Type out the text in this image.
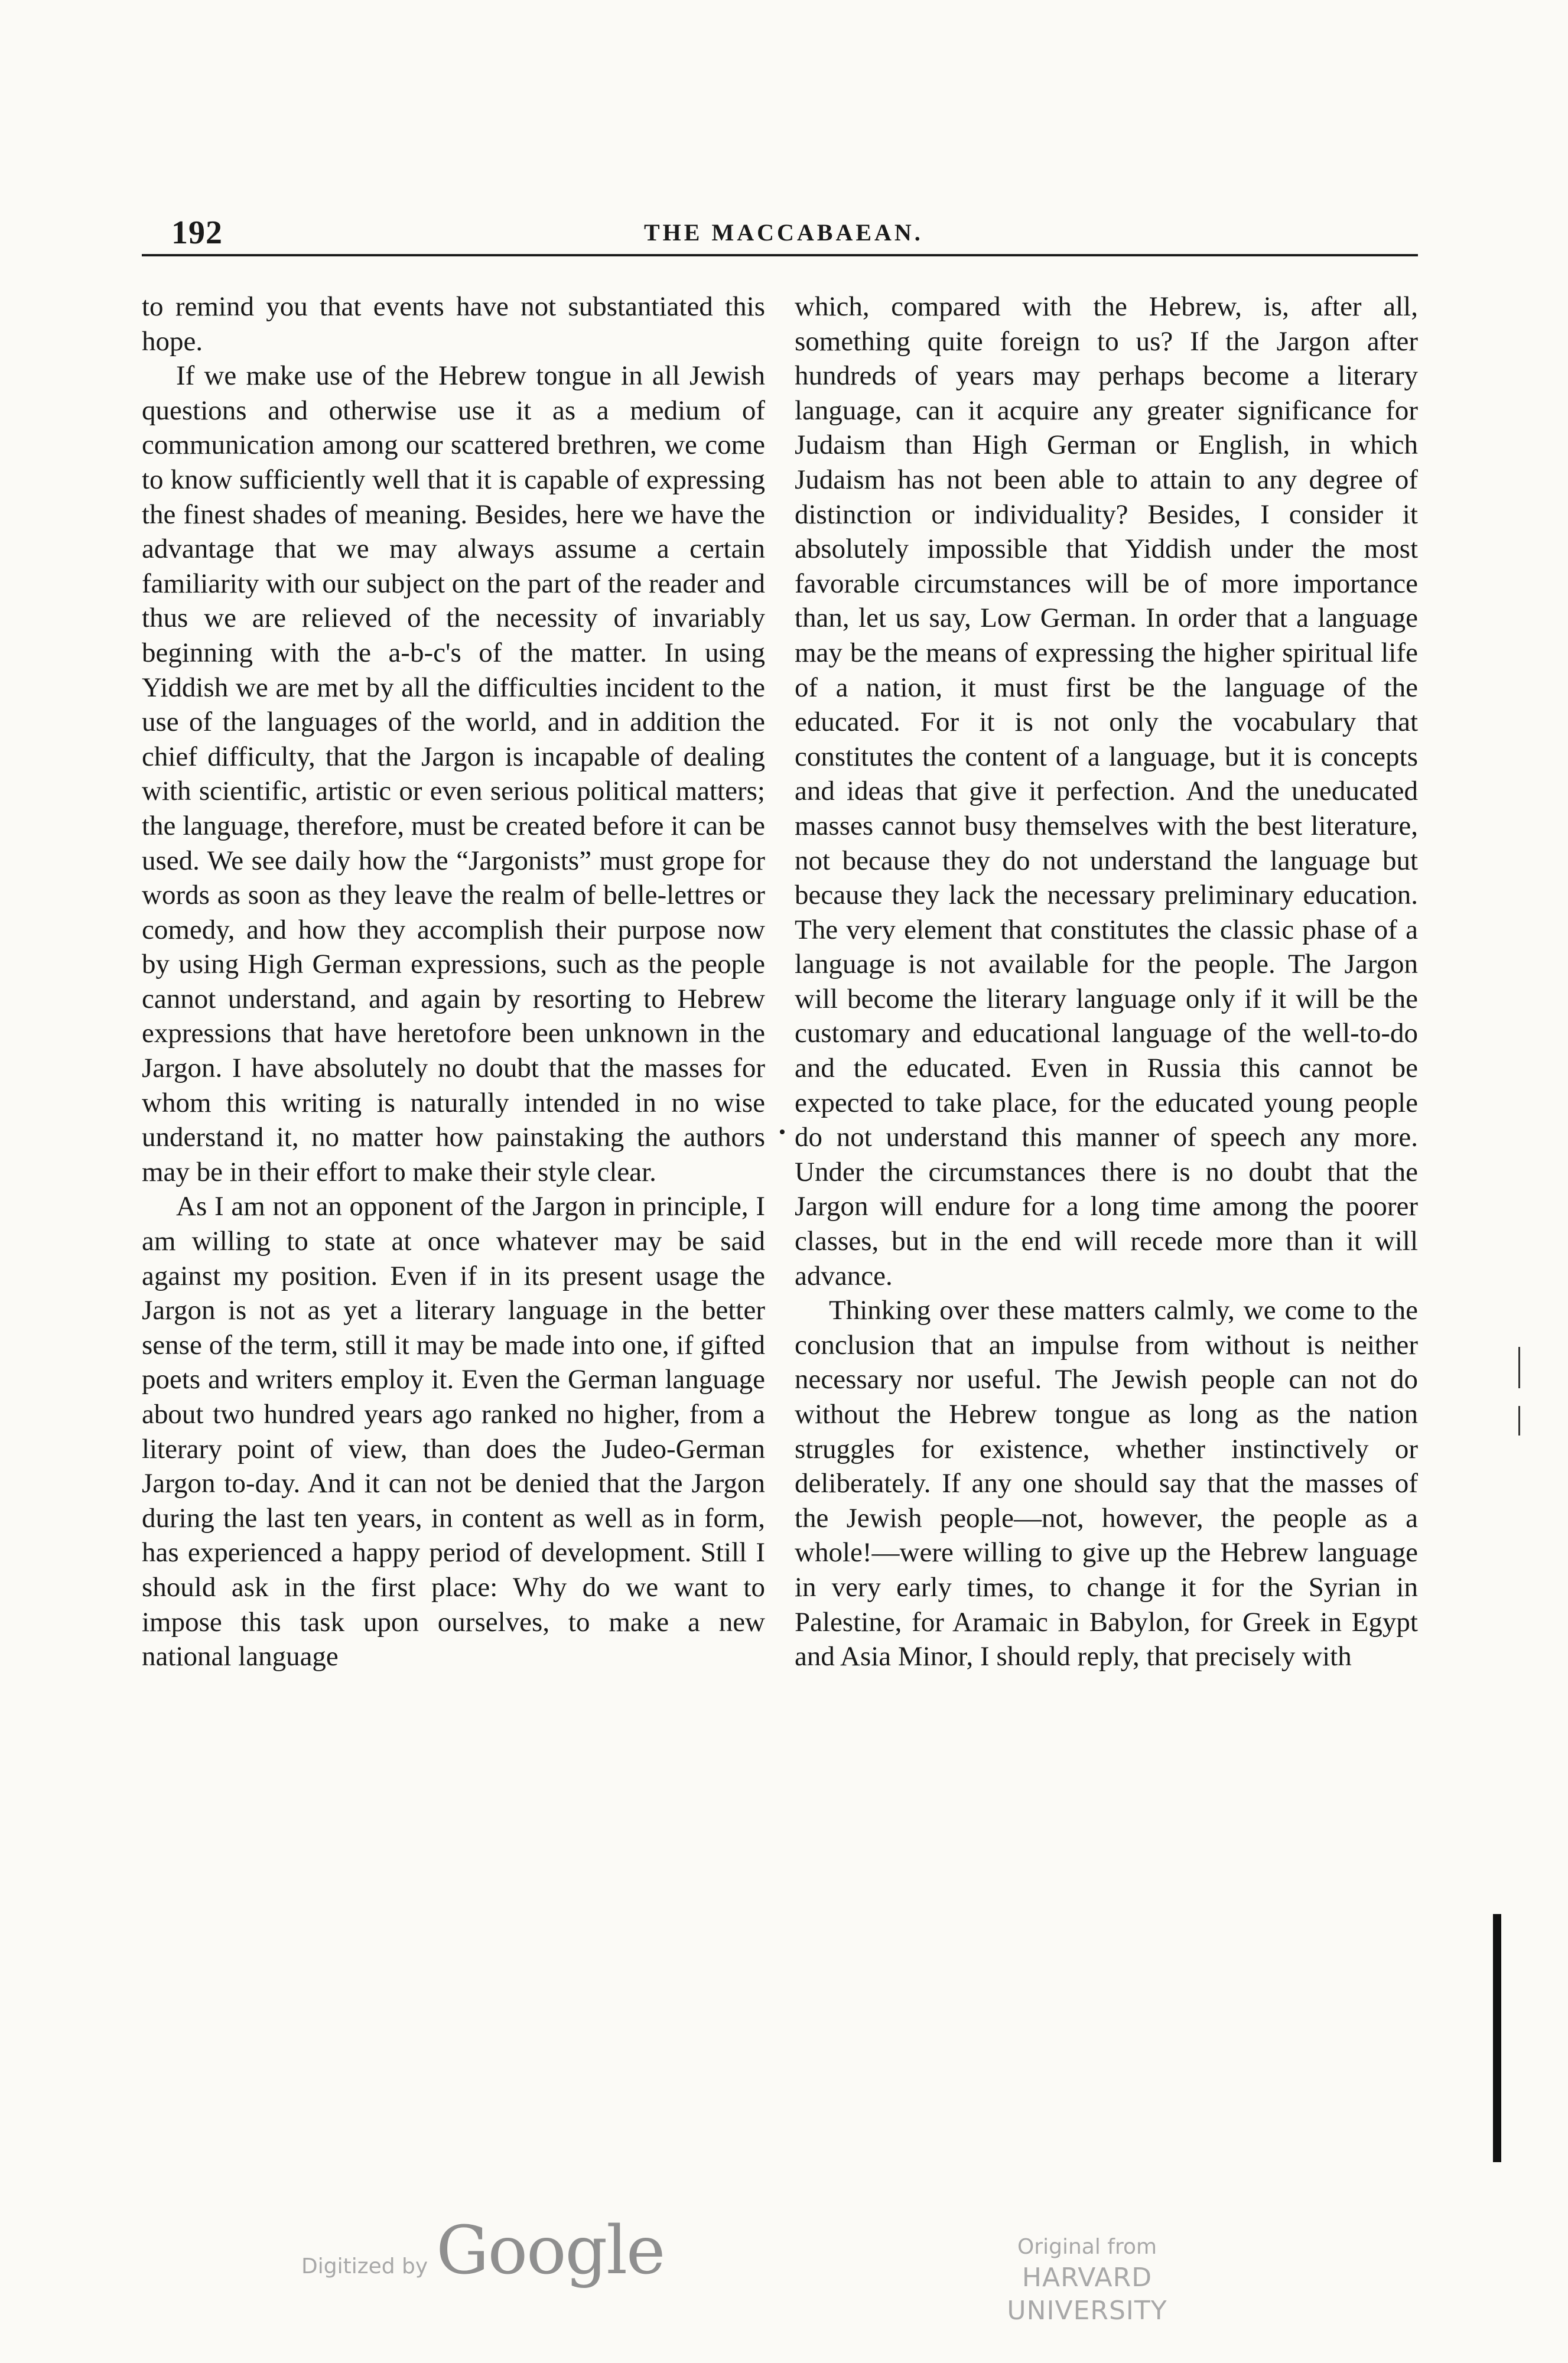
192	THE MACCABAEAN.

to remind you that events have not substantiated this hope.

If we make use of the Hebrew tongue in all Jewish questions and otherwise use it as a medium of communication among our scattered brethren, we come to know sufficiently well that it is capable of expressing the finest shades of meaning. Besides, here we have the advantage that we may always assume a certain familiarity with our subject on the part of the reader and thus we are relieved of the necessity of invariably beginning with the a-b-c's of the matter. In using Yiddish we are met by all the difficulties incident to the use of the languages of the world, and in addition the chief difficulty, that the Jargon is incapable of dealing with scientific, artistic or even serious political matters; the language, therefore, must be created before it can be used. We see daily how the “Jargonists” must grope for words as soon as they leave the realm of belle-lettres or comedy, and how they accomplish their purpose now by using High German expressions, such as the people cannot understand, and again by resorting to Hebrew expressions that have heretofore been unknown in the Jargon. I have absolutely no doubt that the masses for whom this writing is naturally intended in no wise understand it, no matter how painstaking the authors may be in their effort to make their style clear.

As I am not an opponent of the Jargon in principle, I am willing to state at once whatever may be said against my position. Even if in its present usage the Jargon is not as yet a literary language in the better sense of the term, still it may be made into one, if gifted poets and writers employ it. Even the German language about two hundred years ago ranked no higher, from a literary point of view, than does the Judeo-German Jargon to-day. And it can not be denied that the Jargon during the last ten years, in content as well as in form, has experienced a happy period of development. Still I should ask in the first place: Why do we want to impose this task upon ourselves, to make a new national language

which, compared with the Hebrew, is, after all, something quite foreign to us? If the Jargon after hundreds of years may perhaps become a literary language, can it acquire any greater significance for Judaism than High German or English, in which Judaism has not been able to attain to any degree of distinction or individuality? Besides, I consider it absolutely impossible that Yiddish under the most favorable circumstances will be of more importance than, let us say, Low German. In order that a language may be the means of expressing the higher spiritual life of a nation, it must first be the language of the educated. For it is not only the vocabulary that constitutes the content of a language, but it is concepts and ideas that give it perfection. And the uneducated masses cannot busy themselves with the best literature, not because they do not understand the language but because they lack the necessary preliminary education. The very element that constitutes the classic phase of a language is not available for the people. The Jargon will become the literary language only if it will be the customary and educational language of the well-to-do and the educated. Even in Russia this cannot be expected to take place, for the educated young people do not understand this manner of speech any more. Under the circumstances there is no doubt that the Jargon will endure for a long time among the poorer classes, but in the end will recede more than it will advance.

Thinking over these matters calmly, we come to the conclusion that an impulse from without is neither necessary nor useful. The Jewish people can not do without the Hebrew tongue as long as the nation struggles for existence, whether instinctively or deliberately. If any one should say that the masses of the Jewish people—not, however, the people as a whole!—were willing to give up the Hebrew language in very early times, to change it for the Syrian in Palestine, for Aramaic in Babylon, for Greek in Egypt and Asia Minor, I should reply, that precisely with

Digitized by Google	Original from
HARVARD UNIVERSITY
